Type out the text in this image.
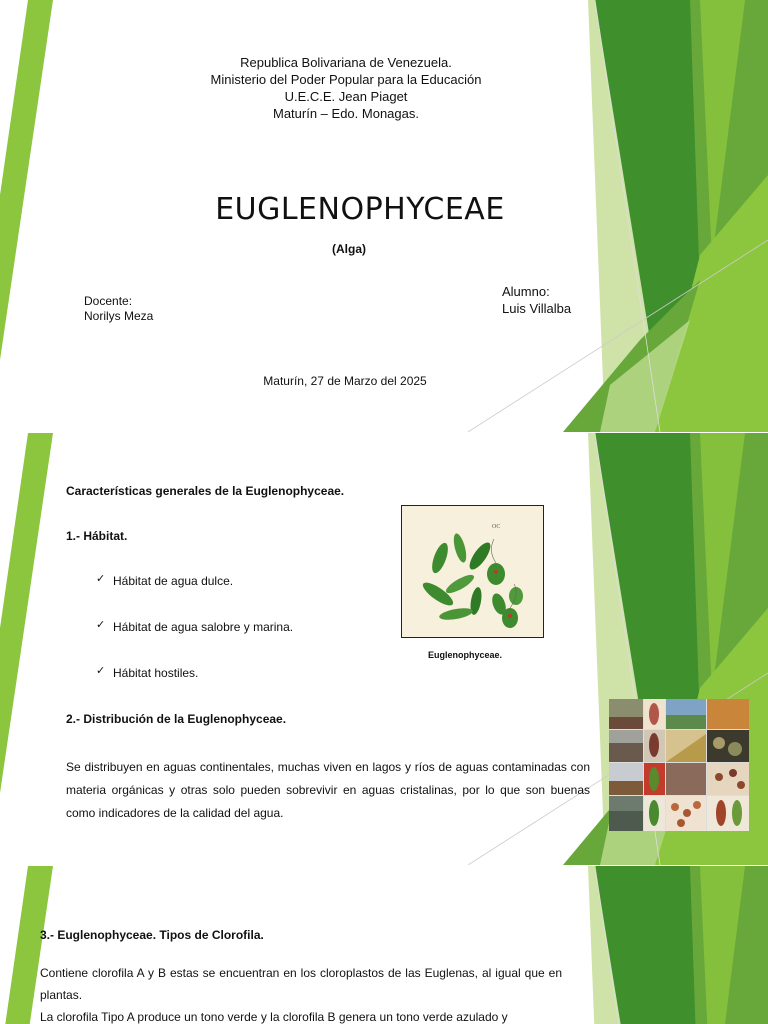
Republica Bolivariana de Venezuela.
Ministerio del Poder Popular para la Educación
U.E.C.E. Jean Piaget
Maturín – Edo. Monagas.
EUGLENOPHYCEAE
(Alga)
Docente:
Norilys Meza
Alumno:
Luis Villalba
Maturín, 27 de Marzo del 2025
Características generales de la Euglenophyceae.
1.- Hábitat.
✓ Hábitat de agua dulce.
✓ Hábitat de agua salobre y marina.
✓ Hábitat hostiles.
2.- Distribución de la Euglenophyceae.
Se distribuyen en aguas continentales, muchas viven en lagos y ríos de aguas contaminadas con materia orgánicas y otras solo pueden sobrevivir en aguas cristalinas, por lo que son buenas como indicadores de la calidad del agua.
OC
Euglenophyceae.
3.- Euglenophyceae. Tipos de Clorofila.
Contiene clorofila A y B estas se encuentran en los cloroplastos de las Euglenas, al igual que en plantas.
La clorofila Tipo A produce un tono verde y la clorofila B genera un tono verde azulado y
